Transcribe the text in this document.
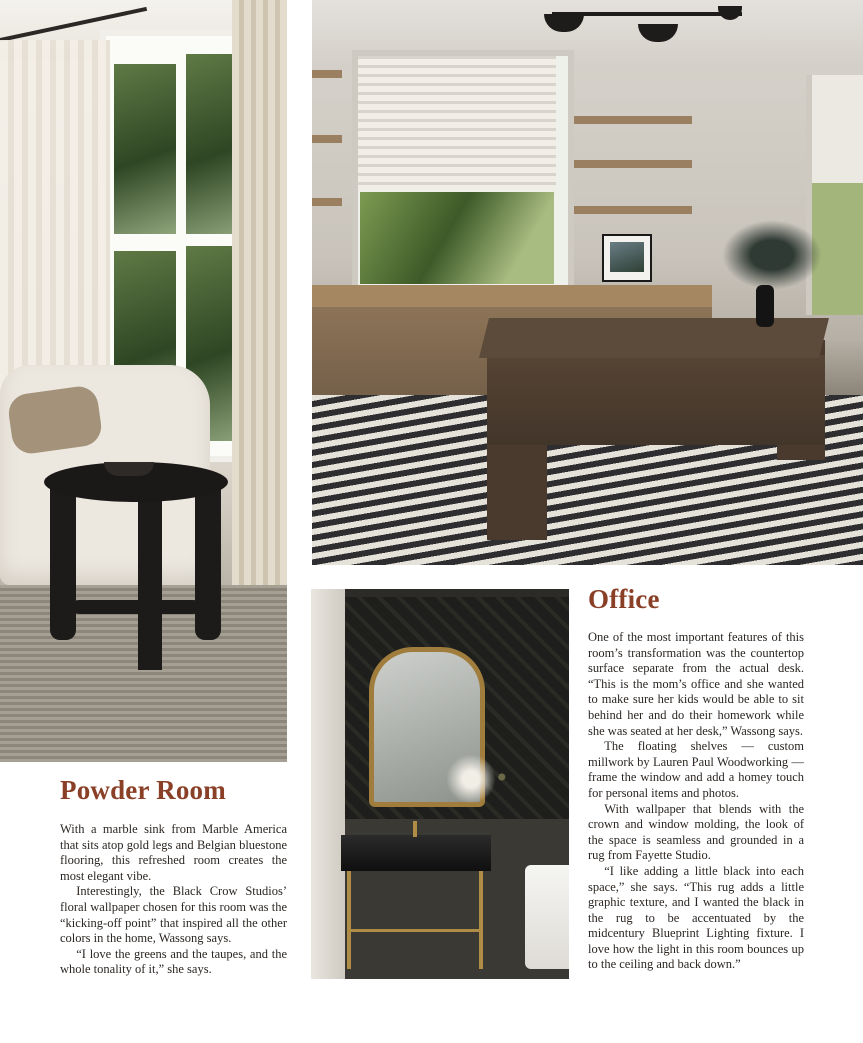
Powder Room

With a marble sink from Marble America that sits atop gold legs and Belgian bluestone flooring, this refreshed room creates the most elegant vibe.

Interestingly, the Black Crow Studios’ floral wallpaper chosen for this room was the “kicking-off point” that inspired all the other colors in the home, Wassong says.

“I love the greens and the taupes, and the whole tonality of it,” she says.

Office

One of the most important features of this room’s transformation was the countertop surface separate from the actual desk. “This is the mom’s office and she wanted to make sure her kids would be able to sit behind her and do their homework while she was seated at her desk,” Wassong says.

The floating shelves — custom millwork by Lauren Paul Woodworking — frame the window and add a homey touch for personal items and photos.

With wallpaper that blends with the crown and window molding, the look of the space is seamless and grounded in a rug from Fayette Studio.

“I like adding a little black into each space,” she says. “This rug adds a little graphic texture, and I wanted the black in the rug to be accentuated by the midcentury Blueprint Lighting fixture. I love how the light in this room bounces up to the ceiling and back down.”
